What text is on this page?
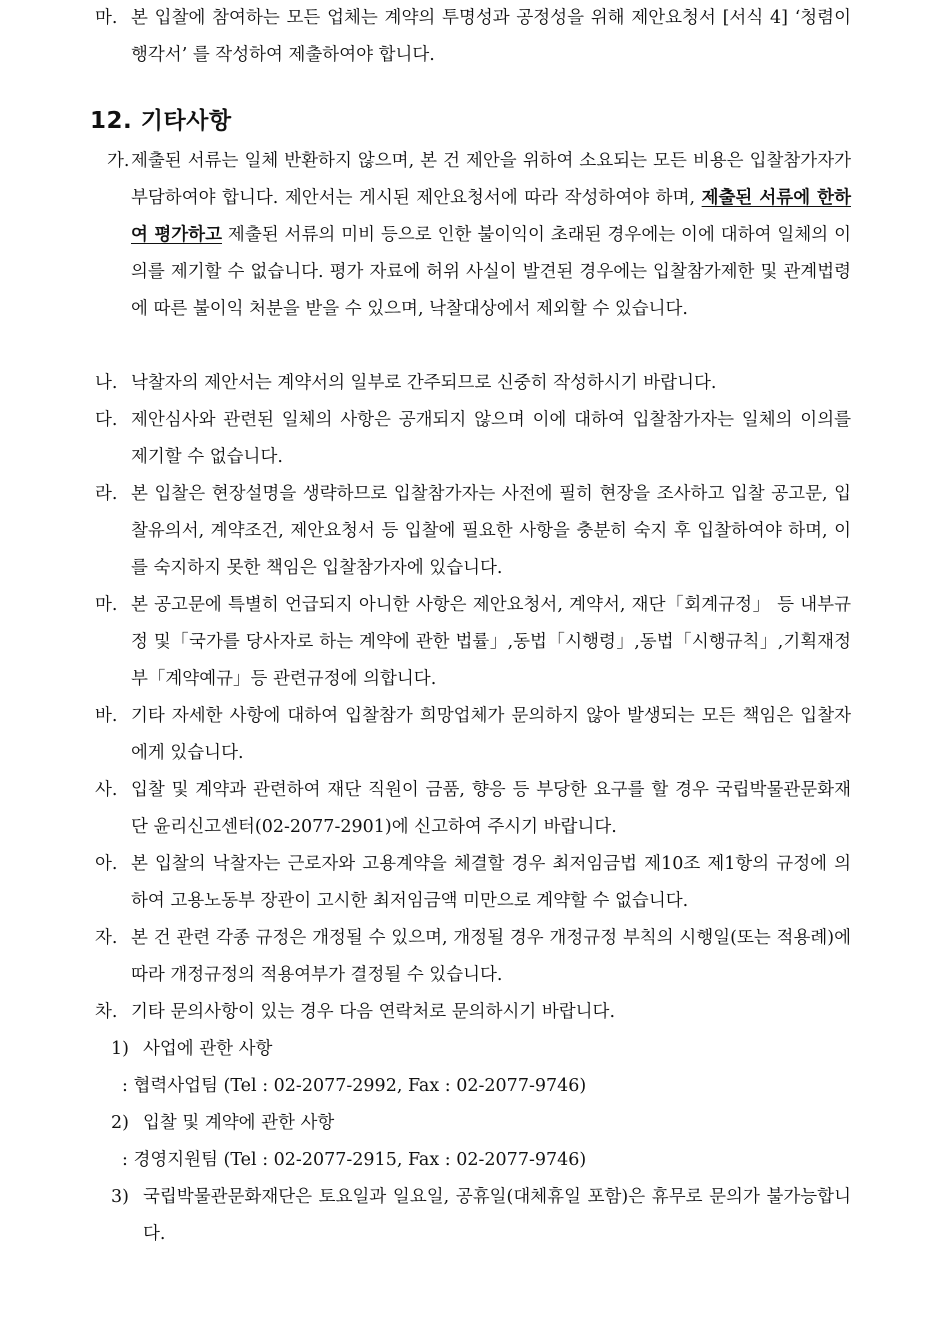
마. 본 입찰에 참여하는 모든 업체는 계약의 투명성과 공정성을 위해 제안요청서 [서식 4] ‘청렴이행각서’ 를 작성하여 제출하여야 합니다.
12. 기타사항
가. 제출된 서류는 일체 반환하지 않으며, 본 건 제안을 위하여 소요되는 모든 비용은 입찰참가자가 부담하여야 합니다. 제안서는 게시된 제안요청서에 따라 작성하여야 하며, 제출된 서류에 한하여 평가하고 제출된 서류의 미비 등으로 인한 불이익이 초래된 경우에는 이에 대하여 일체의 이의를 제기할 수 없습니다. 평가 자료에 허위 사실이 발견된 경우에는 입찰참가제한 및 관계법령에 따른 불이익 처분을 받을 수 있으며, 낙찰대상에서 제외할 수 있습니다.
나. 낙찰자의 제안서는 계약서의 일부로 간주되므로 신중히 작성하시기 바랍니다.
다. 제안심사와 관련된 일체의 사항은 공개되지 않으며 이에 대하여 입찰참가자는 일체의 이의를 제기할 수 없습니다.
라. 본 입찰은 현장설명을 생략하므로 입찰참가자는 사전에 필히 현장을 조사하고 입찰 공고문, 입찰유의서, 계약조건, 제안요청서 등 입찰에 필요한 사항을 충분히 숙지 후 입찰하여야 하며, 이를 숙지하지 못한 책임은 입찰참가자에 있습니다.
마. 본 공고문에 특별히 언급되지 아니한 사항은 제안요청서, 계약서, 재단「회계규정」 등 내부규정 및「국가를 당사자로 하는 계약에 관한 법률」,동법「시행령」,동법「시행규칙」,기획재정부「계약예규」등 관련규정에 의합니다.
바. 기타 자세한 사항에 대하여 입찰참가 희망업체가 문의하지 않아 발생되는 모든 책임은 입찰자에게 있습니다.
사. 입찰 및 계약과 관련하여 재단 직원이 금품, 향응 등 부당한 요구를 할 경우 국립박물관문화재단 윤리신고센터(02-2077-2901)에 신고하여 주시기 바랍니다.
아. 본 입찰의 낙찰자는 근로자와 고용계약을 체결할 경우 최저임금법 제10조 제1항의 규정에 의하여 고용노동부 장관이 고시한 최저임금액 미만으로 계약할 수 없습니다.
자. 본 건 관련 각종 규정은 개정될 수 있으며, 개정될 경우 개정규정 부칙의 시행일(또는 적용례)에 따라 개정규정의 적용여부가 결정될 수 있습니다.
차. 기타 문의사항이 있는 경우 다음 연락처로 문의하시기 바랍니다.
1) 사업에 관한 사항
: 협력사업팀 (Tel : 02-2077-2992, Fax : 02-2077-9746)
2) 입찰 및 계약에 관한 사항
: 경영지원팀 (Tel : 02-2077-2915, Fax : 02-2077-9746)
3) 국립박물관문화재단은 토요일과 일요일, 공휴일(대체휴일 포함)은 휴무로 문의가 불가능합니다.
